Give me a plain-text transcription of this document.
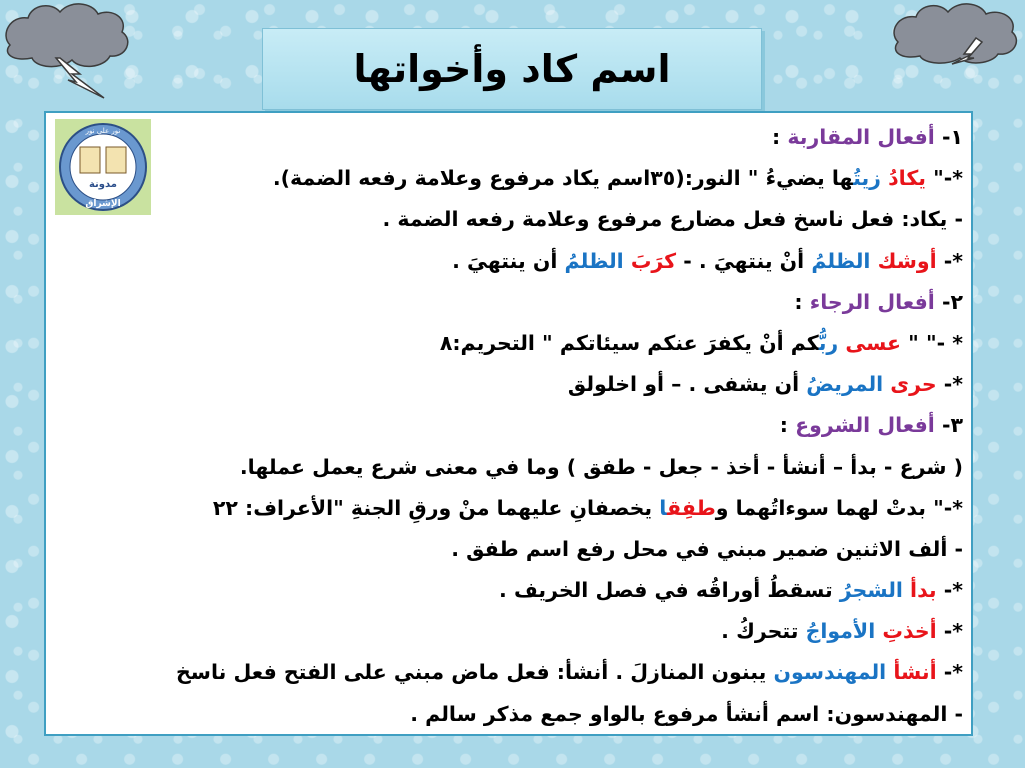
اسم كاد وأخواتها
نور على نور
مدونة
الإشراق
١- أفعال المقاربة :
*-" يكادُ زيتُها يضيءُ " النور:(٣٥اسم يكاد مرفوع وعلامة رفعه الضمة).
- يكاد: فعل ناسخ فعل مضارع مرفوع وعلامة رفعه الضمة .
*- أوشك الظلمُ أنْ ينتهيَ . - كرَبَ الظلمُ أن ينتهيَ .
٢- أفعال الرجاء :
* -" " عسى ربُّكم أنْ يكفرَ عنكم سيئاتكم " التحريم:٨
*- حرى المريضُ أن يشفى . – أو اخلولق
٣- أفعال الشروع :
( شرع - بدأ – أنشأ - أخذ - جعل - طفق ) وما في معنى شرع يعمل عملها.
*-" بدتْ لهما سوءاتُهما وطفِقا يخصفانِ عليهما منْ ورقِ الجنةِ "الأعراف: ٢٢
- ألف الاثنين ضمير مبني في محل رفع اسم طفق .
*- بدأ الشجرُ تسقطُ أوراقُه في فصل الخريف .
*- أخذتِ الأمواجُ تتحركُ .
*- أنشأ المهندسون يبنون المنازلَ . أنشأ: فعل ماض مبني على الفتح فعل ناسخ
- المهندسون: اسم أنشأ مرفوع بالواو جمع مذكر سالم .
